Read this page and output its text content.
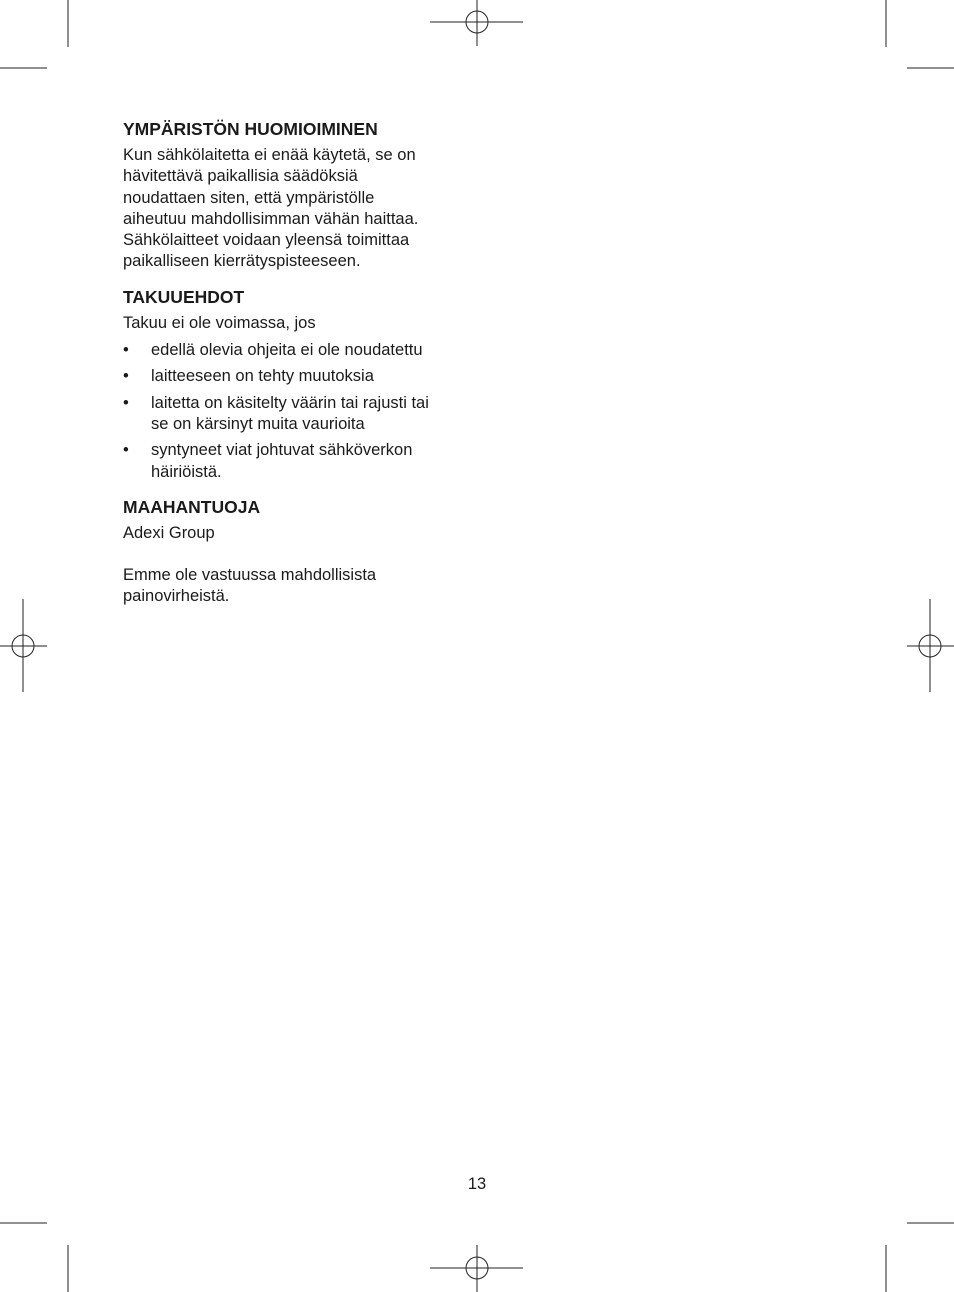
YMPÄRISTÖN HUOMIOIMINEN

Kun sähkölaitetta ei enää käytetä, se on
hävitettävä paikallisia säädöksiä
noudattaen siten, että ympäristölle
aiheutuu mahdollisimman vähän haittaa.
Sähkölaitteet voidaan yleensä toimittaa
paikalliseen kierrätyspisteeseen.

TAKUUEHDOT

Takuu ei ole voimassa, jos

• edellä olevia ohjeita ei ole noudatettu
• laitteeseen on tehty muutoksia
• laitetta on käsitelty väärin tai rajusti tai
se on kärsinyt muita vaurioita
• syntyneet viat johtuvat sähköverkon
häiriöistä.
MAAHANTUOJA

Adexi Group

Emme ole vastuussa mahdollisista
painovirheistä.

13
